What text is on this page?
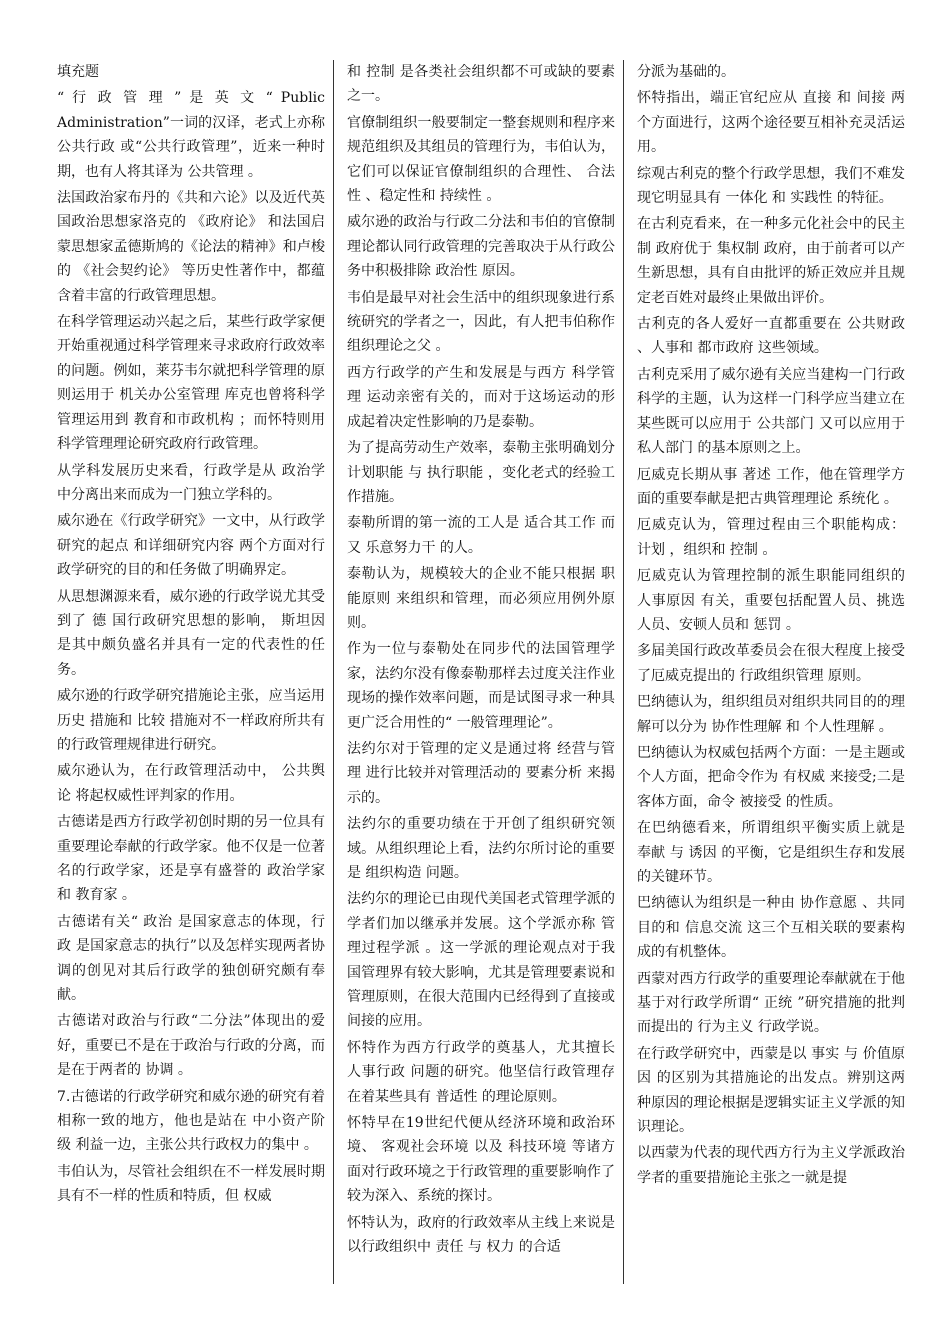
填充题

“ 行 政 管 理 ” 是 英 文 “ Public Administration”一词的汉译，老式上亦称 公共行政 或“公共行政管理”，近来一种时期，也有人将其译为 公共管理 。

法国政治家布丹的《共和六论》以及近代英国政治思想家洛克的 《政府论》 和法国启蒙思想家孟德斯鸠的《论法的精神》和卢梭的 《社会契约论》 等历史性著作中，都蕴含着丰富的行政管理思想。

在科学管理运动兴起之后，某些行政学家便开始重视通过科学管理来寻求政府行政效率的问题。例如，莱芬韦尔就把科学管理的原则运用于 机关办公室管理 库克也曾将科学管理运用到 教育和市政机构 ；而怀特则用科学管理理论研究政府行政管理。

从学科发展历史来看，行政学是从 政治学 中分离出来而成为一门独立学科的。

威尔逊在《行政学研究》一文中，从行政学 研究的起点 和详细研究内容 两个方面对行政学研究的目的和任务做了明确界定。

从思想渊源来看，威尔逊的行政学说尤其受到了 德 国行政研究思想的影响， 斯坦因 是其中颇负盛名并具有一定的代表性的任务。

威尔逊的行政学研究措施论主张，应当运用 历史 措施和 比较 措施对不一样政府所共有的行政管理规律进行研究。

威尔逊认为，在行政管理活动中， 公共舆论 将起权威性评判家的作用。

古德诺是西方行政学初创时期的另一位具有重要理论奉献的行政学家。他不仅是一位著名的行政学家，还是享有盛誉的 政治学家 和 教育家 。

古德诺有关“ 政治 是国家意志的体现，行政 是国家意志的执行”以及怎样实现两者协调的创见对其后行政学的独创研究颇有奉献。

古德诺对政治与行政“二分法”体现出的爱好，重要已不是在于政治与行政的分离，而是在于两者的 协调 。

7.古德诺的行政学研究和威尔逊的研究有着相称一致的地方，他也是站在 中小资产阶级 利益一边，主张公共行政权力的集中 。

韦伯认为，尽管社会组织在不一样发展时期具有不一样的性质和特质，但 权威

和 控制 是各类社会组织都不可或缺的要素之一。

官僚制组织一般要制定一整套规则和程序来规范组织及其组员的管理行为，韦伯认为，它们可以保证官僚制组织的合理性、 合法性 、稳定性和 持续性 。

威尔逊的政治与行政二分法和韦伯的官僚制理论都认同行政管理的完善取决于从行政公务中积极排除 政治性 原因。

韦伯是最早对社会生活中的组织现象进行系统研究的学者之一，因此，有人把韦伯称作 组织理论之父 。

西方行政学的产生和发展是与西方 科学管理 运动亲密有关的，而对于这场运动的形成起着决定性影响的乃是泰勒。

为了提高劳动生产效率，泰勒主张明确划分 计划职能 与 执行职能 ，变化老式的经验工作措施。

泰勒所谓的第一流的工人是 适合其工作 而又 乐意努力干 的人。

泰勒认为，规模较大的企业不能只根据 职能原则 来组织和管理，而必须应用例外原则。

作为一位与泰勒处在同步代的法国管理学家，法约尔没有像泰勒那样去过度关注作业现场的操作效率问题，而是试图寻求一种具更广泛合用性的“ 一般管理理论”。

法约尔对于管理的定义是通过将 经营与管理 进行比较并对管理活动的 要素分析 来揭示的。

法约尔的重要功绩在于开创了组织研究领域。从组织理论上看，法约尔所讨论的重要是 组织构造 问题。

法约尔的理论已由现代美国老式管理学派的学者们加以继承并发展。这个学派亦称 管理过程学派 。这一学派的理论观点对于我国管理界有较大影响，尤其是管理要素说和管理原则，在很大范围内已经得到了直接或间接的应用。

怀特作为西方行政学的奠基人，尤其擅长 人事行政 问题的研究。他坚信行政管理存在着某些具有 普适性 的理论原则。

怀特早在19世纪代便从经济环境和政治环境、 客观社会环境 以及 科技环境 等诸方面对行政环境之于行政管理的重要影响作了较为深入、系统的探讨。

怀特认为，政府的行政效率从主线上来说是以行政组织中 责任 与 权力 的合适

分派为基础的。

怀特指出，端正官纪应从 直接 和 间接 两个方面进行，这两个途径要互相补充灵活运用。

综观古利克的整个行政学思想，我们不难发现它明显具有 一体化 和 实践性 的特征。

在古利克看来，在一种多元化社会中的民主制 政府优于 集权制 政府，由于前者可以产生新思想，具有自由批评的矫正效应并且规定老百姓对最终止果做出评价。

古利克的各人爱好一直都重要在 公共财政 、人事和 都市政府 这些领域。

古利克采用了威尔逊有关应当建构一门行政科学的主题，认为这样一门科学应当建立在某些既可以应用于 公共部门 又可以应用于 私人部门 的基本原则之上。

厄威克长期从事 著述 工作，他在管理学方面的重要奉献是把古典管理理论 系统化 。

厄威克认为，管理过程由三个职能构成： 计划 ，组织和 控制 。

厄威克认为管理控制的派生职能同组织的 人事原因 有关，重要包括配置人员、挑选人员、安顿人员和 惩罚 。

多届美国行政改革委员会在很大程度上接受了厄威克提出的 行政组织管理 原则。

巴纳德认为，组织组员对组织共同目的的理解可以分为 协作性理解 和 个人性理解 。

巴纳德认为权威包括两个方面：一是主题或个人方面，把命令作为 有权威 来接受;二是客体方面，命令 被接受 的性质。

在巴纳德看来，所谓组织平衡实质上就是 奉献 与 诱因 的平衡，它是组织生存和发展的关键环节。

巴纳德认为组织是一种由 协作意愿 、共同目的和 信息交流 这三个互相关联的要素构成的有机整体。

西蒙对西方行政学的重要理论奉献就在于他基于对行政学所谓“ 正统 ”研究措施的批判而提出的 行为主义 行政学说。

在行政学研究中，西蒙是以 事实 与 价值原因 的区别为其措施论的出发点。辨别这两种原因的理论根据是逻辑实证主义学派的知识理论。

以西蒙为代表的现代西方行为主义学派政治学者的重要措施论主张之一就是提
